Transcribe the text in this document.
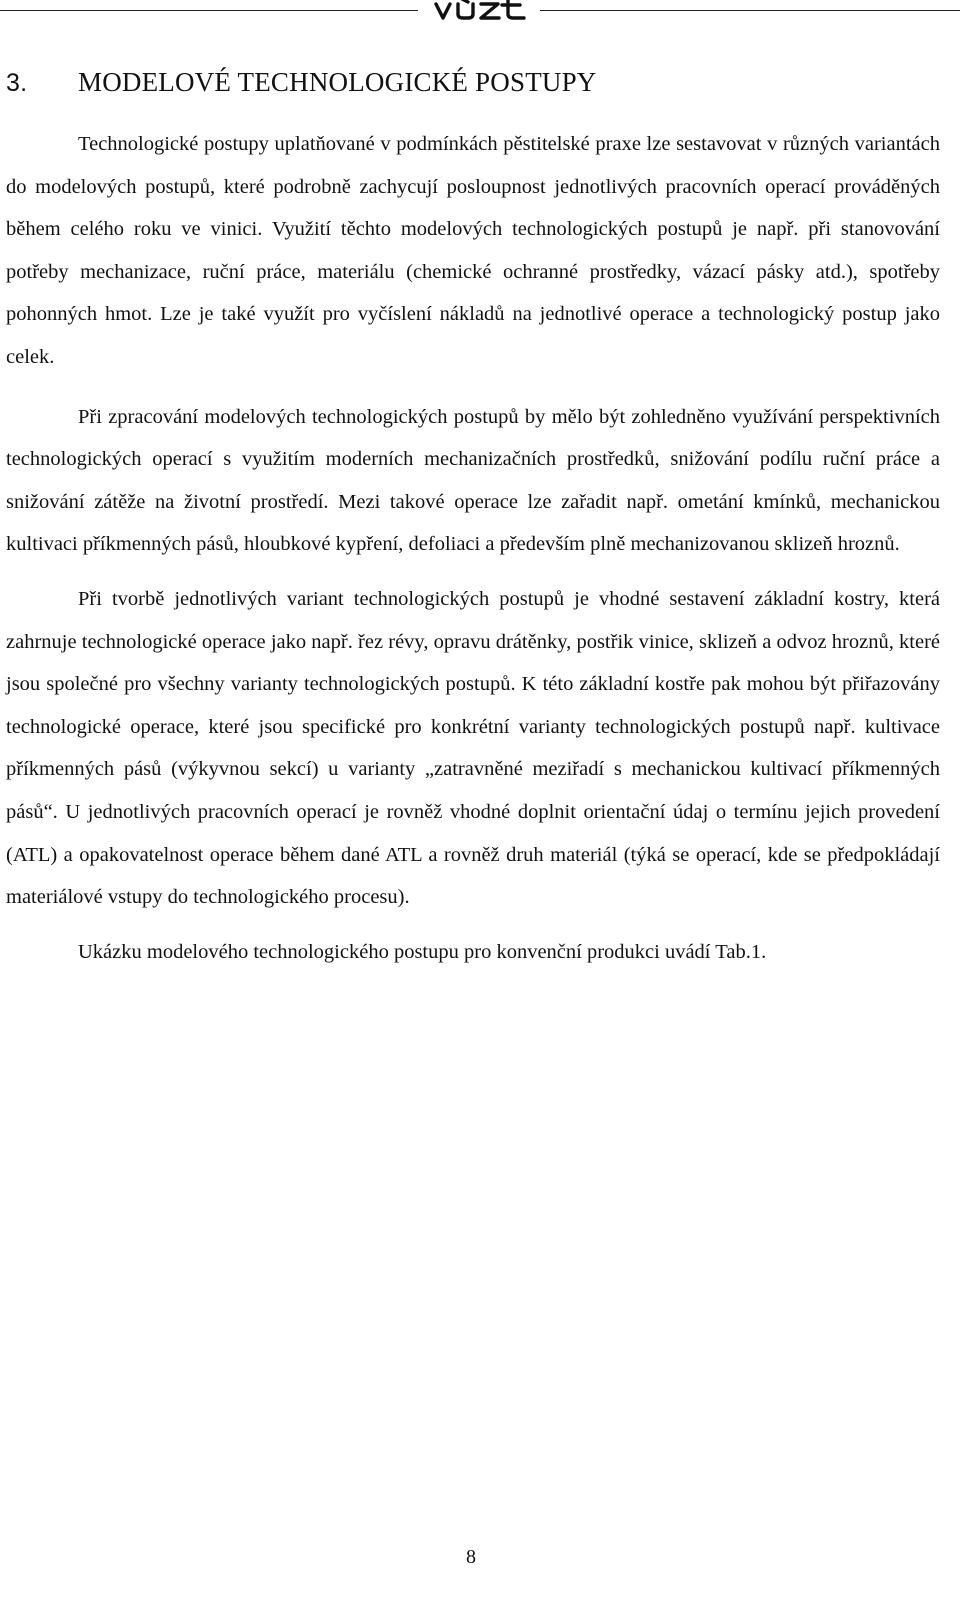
3. MODELOVÉ TECHNOLOGICKÉ POSTUPY

Technologické postupy uplatňované v podmínkách pěstitelské praxe lze sestavovat v různých variantách do modelových postupů, které podrobně zachycují posloupnost jednotlivých pracovních operací prováděných během celého roku ve vinici. Využití těchto modelových technologických postupů je např. při stanovování potřeby mechanizace, ruční práce, materiálu (chemické ochranné prostředky, vázací pásky atd.), spotřeby pohonných hmot. Lze je také využít pro vyčíslení nákladů na jednotlivé operace a technologický postup jako celek.

Při zpracování modelových technologických postupů by mělo být zohledněno využívání perspektivních technologických operací s využitím moderních mechanizačních prostředků, snižování podílu ruční práce a snižování zátěže na životní prostředí. Mezi takové operace lze zařadit např. ometání kmínků, mechanickou kultivaci příkmenných pásů, hloubkové kypření, defoliaci a především plně mechanizovanou sklizeň hroznů.

Při tvorbě jednotlivých variant technologických postupů je vhodné sestavení základní kostry, která zahrnuje technologické operace jako např. řez révy, opravu drátěnky, postřik vinice, sklizeň a odvoz hroznů, které jsou společné pro všechny varianty technologických postupů. K této základní kostře pak mohou být přiřazovány technologické operace, které jsou specifické pro konkrétní varianty technologických postupů např. kultivace příkmenných pásů (výkyvnou sekcí) u varianty „zatravněné meziřadí s mechanickou kultivací příkmenných pásů“. U jednotlivých pracovních operací je rovněž vhodné doplnit orientační údaj o termínu jejich provedení (ATL) a opakovatelnost operace během dané ATL a rovněž druh materiál (týká se operací, kde se předpokládají materiálové vstupy do technologického procesu).

Ukázku modelového technologického postupu pro konvenční produkci uvádí Tab.1.

8
